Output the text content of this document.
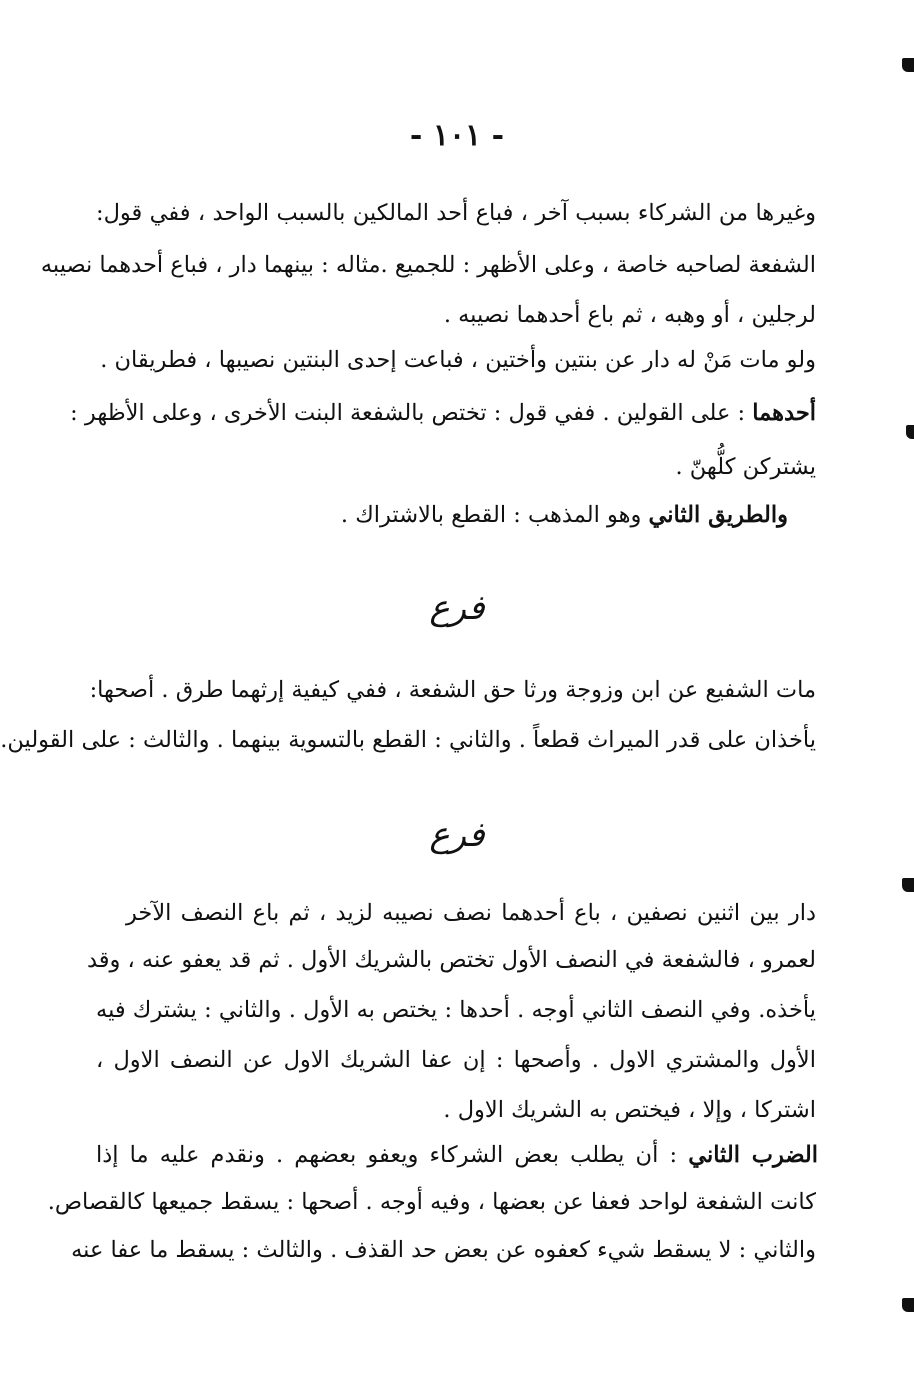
- ١٠١ -
وغيرها من الشركاء بسبب آخر ، فباع أحد المالكين بالسبب الواحد ، ففي قول:
الشفعة لصاحبه خاصة ، وعلى الأظهر : للجميع .مثاله : بينهما دار ، فباع أحدهما نصيبه
لرجلين ، أو وهبه ، ثم باع أحدهما نصيبه .
ولو مات مَنْ له دار عن بنتين وأختين ، فباعت إحدى البنتين نصيبها ، فطريقان .
أحدهما : على القولين . ففي قول : تختص بالشفعة البنت الأخرى ، وعلى الأظهر :
يشتركن كلُّهنّ .
والطريق الثاني وهو المذهب : القطع بالاشتراك .
فرع
مات الشفيع عن ابن وزوجة ورثا حق الشفعة ، ففي كيفية إرثهما طرق . أصحها:
يأخذان على قدر الميراث قطعاً . والثاني : القطع بالتسوية بينهما . والثالث : على القولين.
فرع
دار بين اثنين نصفين ، باع أحدهما نصف نصيبه لزيد ، ثم باع النصف الآخر
لعمرو ، فالشفعة في النصف الأول تختص بالشريك الأول . ثم قد يعفو عنه ، وقد
يأخذه. وفي النصف الثاني أوجه . أحدها : يختص به الأول . والثاني : يشترك فيه
الأول والمشتري الاول . وأصحها : إن عفا الشريك الاول عن النصف الاول ،
اشتركا ، وإلا ، فيختص به الشريك الاول .
الضرب الثاني : أن يطلب بعض الشركاء ويعفو بعضهم . ونقدم عليه ما إذا
كانت الشفعة لواحد فعفا عن بعضها ، وفيه أوجه . أصحها : يسقط جميعها كالقصاص.
والثاني : لا يسقط شيء كعفوه عن بعض حد القذف . والثالث : يسقط ما عفا عنه
